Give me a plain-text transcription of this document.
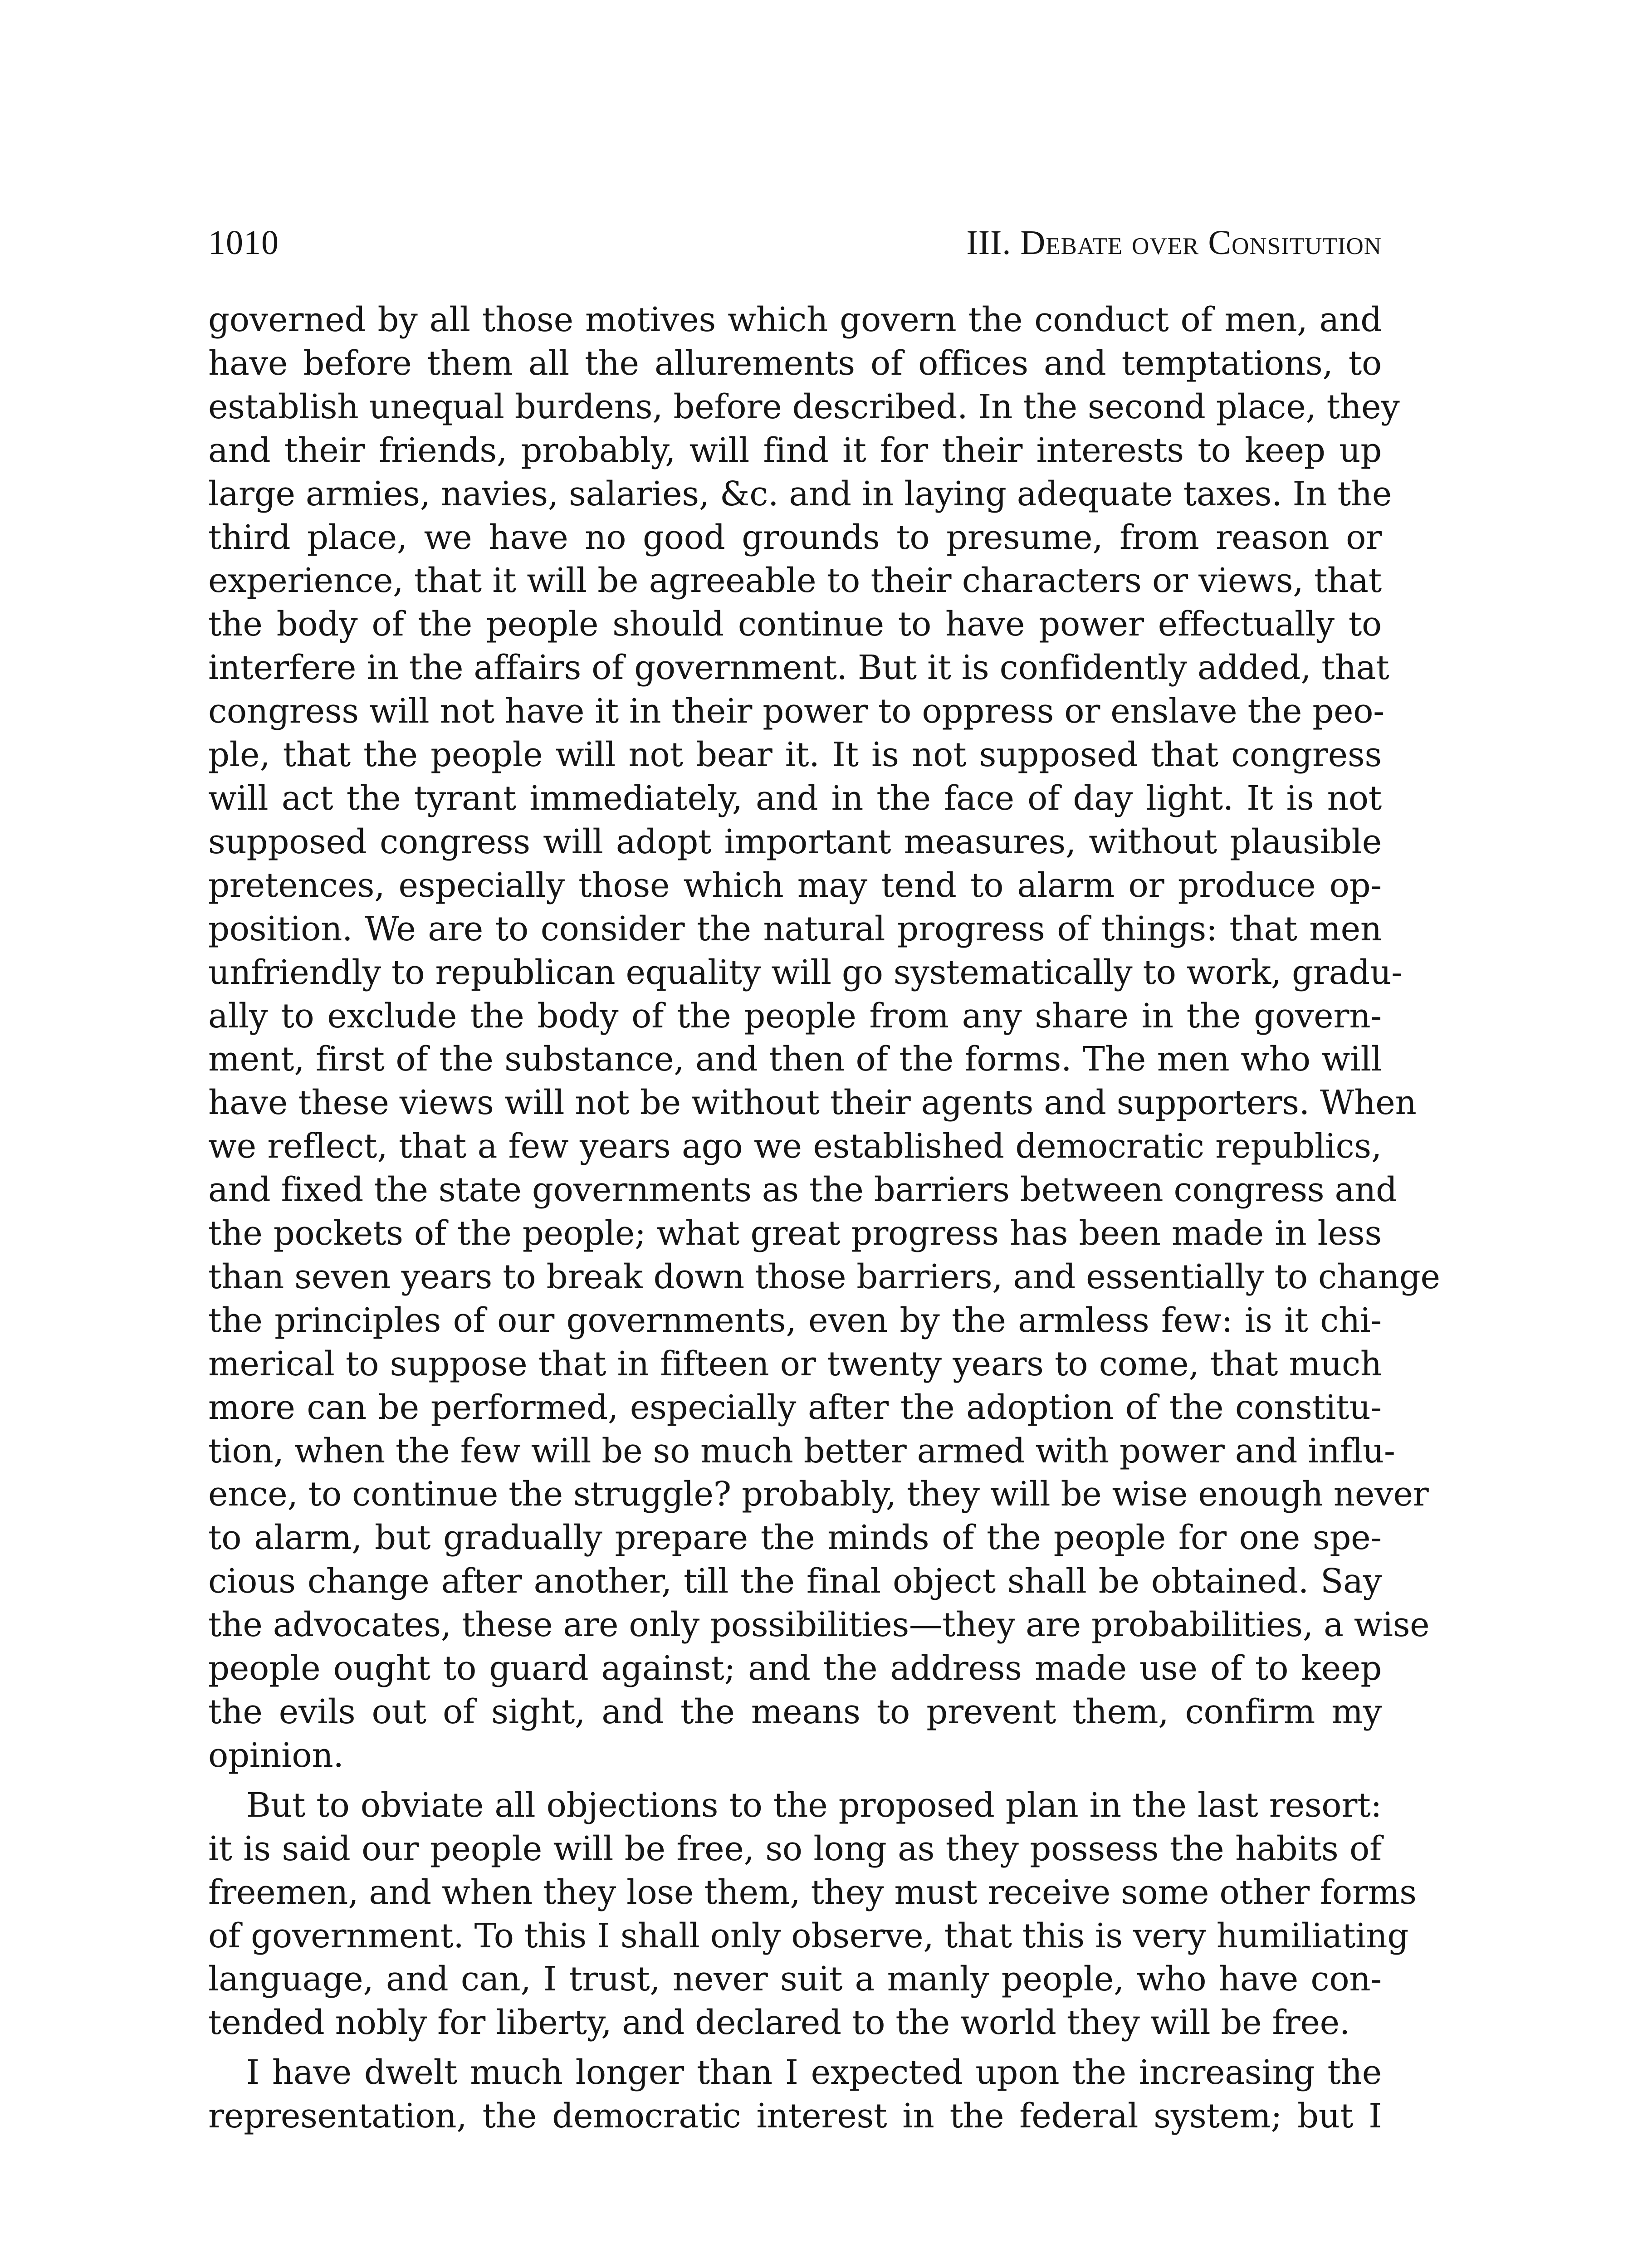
1010	III. Debate over Consitution

governed by all those motives which govern the conduct of men, and
have before them all the allurements of offices and temptations, to
establish unequal burdens, before described. In the second place, they
and their friends, probably, will find it for their interests to keep up
large armies, navies, salaries, &c. and in laying adequate taxes. In the
third place, we have no good grounds to presume, from reason or
experience, that it will be agreeable to their characters or views, that
the body of the people should continue to have power effectually to
interfere in the affairs of government. But it is confidently added, that
congress will not have it in their power to oppress or enslave the peo-
ple, that the people will not bear it. It is not supposed that congress
will act the tyrant immediately, and in the face of day light. It is not
supposed congress will adopt important measures, without plausible
pretences, especially those which may tend to alarm or produce op-
position. We are to consider the natural progress of things: that men
unfriendly to republican equality will go systematically to work, gradu-
ally to exclude the body of the people from any share in the govern-
ment, first of the substance, and then of the forms. The men who will
have these views will not be without their agents and supporters. When
we reflect, that a few years ago we established democratic republics,
and fixed the state governments as the barriers between congress and
the pockets of the people; what great progress has been made in less
than seven years to break down those barriers, and essentially to change
the principles of our governments, even by the armless few: is it chi-
merical to suppose that in fifteen or twenty years to come, that much
more can be performed, especially after the adoption of the constitu-
tion, when the few will be so much better armed with power and influ-
ence, to continue the struggle? probably, they will be wise enough never
to alarm, but gradually prepare the minds of the people for one spe-
cious change after another, till the final object shall be obtained. Say
the advocates, these are only possibilities—they are probabilities, a wise
people ought to guard against; and the address made use of to keep
the evils out of sight, and the means to prevent them, confirm my
opinion.

But to obviate all objections to the proposed plan in the last resort:
it is said our people will be free, so long as they possess the habits of
freemen, and when they lose them, they must receive some other forms
of government. To this I shall only observe, that this is very humiliating
language, and can, I trust, never suit a manly people, who have con-
tended nobly for liberty, and declared to the world they will be free.

I have dwelt much longer than I expected upon the increasing the
representation, the democratic interest in the federal system; but I
